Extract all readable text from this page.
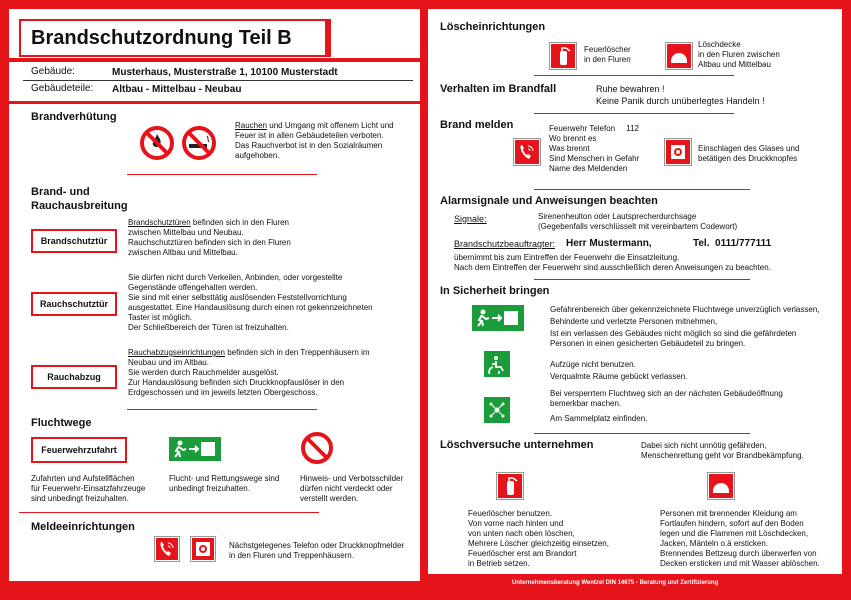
Brandschutzordnung Teil B
Gebäude:	Musterhaus, Musterstraße 1, 10100 Musterstadt
Gebäudeteile: Altbau - Mittelbau - Neubau
Brandverhütung
Rauchen und Umgang mit offenem Licht und
Feuer ist in allen Gebäudeteilen verboten.
Das Rauchverbot ist in den Sozialräumen
aufgehoben.
Brand- und
Rauchausbreitung
Brandschutztür
Brandschutztüren befinden sich in den Fluren
zwischen Mittelbau und Neubau.
Rauchschutztüren befinden sich in den Fluren
zwischen Altbau und Mittelbau.
Rauchschutztür
Sie dürfen nicht durch Verkeilen, Anbinden, oder vorgestellte
Gegenstände offengehalten werden.
Sie sind mit einer selbsttätig auslösenden Feststellvorrichtung
ausgestattet. Eine Handauslösung durch einen rot gekennzeichneten
Taster ist möglich.
Der Schließbereich der Türen ist freizuhalten.
Rauchabzug
Rauchabzugseinrichtungen befinden sich in den Treppenhäusern im
Neubau und im Altbau.
Sie werden durch Rauchmelder ausgelöst.
Zur Handauslösung befinden sich Druckknopfauslöser in den
Erdgeschossen und im jeweils letzten Obergeschoss.
Fluchtwege
Feuerwehrzufahrt
Zufahrten und Aufstellflächen
für Feuerwehr-Einsatzfahrzeuge
sind unbedingt freizuhalten.
Flucht- und Rettungswege sind
unbedingt freizuhalten.
Hinweis- und Verbotsschilder
dürfen nicht verdeckt oder
verstellt werden.
Meldeeinrichtungen
Nächstgelegenes Telefon oder Druckknopfmelder
in den Fluren und Treppenhäusern.
Löscheinrichtungen
Feuerlöscher
in den Fluren
Löschdecke
in den Fluren zwischen
Altbau und Mittelbau
Verhalten im Brandfall	Ruhe bewahren !
Keine Panik durch unüberlegtes Handeln !
Brand melden	Feuerwehr Telefon 112
Wo brennt es
Was brennt
Sind Menschen in Gefahr
Name des Meldenden
Einschlagen des Glases und
betätigen des Druckknopfes
Alarmsignale und Anweisungen beachten
Signale:	Sirenenheulton oder Lautsprecherdurchsage
(Gegebenfalls verschlüsselt mit vereinbartem Codewort)
Brandschutzbeauftragter: Herr Mustermann,	Tel.  0111/777111
übernimmt bis zum Eintreffen der Feuerwehr die Einsatzleitung.
Nach dem Eintreffen der Feuerwehr sind ausschließlich deren Anweisungen zu beachten.
In Sicherheit bringen
Gefahrenbereich über gekennzeichnete Fluchtwege unverzüglich verlassen,
Behinderte und verletzte Personen mitnehmen,
Ist ein verlassen des Gebäudes nicht möglich so sind die gefährdeten
Personen in einen gesicherten Gebäudeteil zu bringen.
Aufzüge nicht benutzen.
Verqualmte Räume gebückt verlassen.
Bei versperrtem Fluchtweg sich an der nächsten Gebäudeöffnung
bemerkbar machen.
Am Sammelplatz einfinden.
Löschversuche unternehmen	Dabei sich nicht unnötig gefährden,
Menschenrettung geht vor Brandbekämpfung.
Feuerlöscher benutzen.
Von vorne nach hinten und
von unten nach oben löschen,
Mehrere Löscher gleichzeitig einsetzen,
Feuerlöscher erst am Brandort
in Betrieb setzen.
Personen mit brennender Kleidung am
Fortlaufen hindern, sofort auf den Boden
legen und die Flammen mit Löschdecken,
Jacken, Mänteln o.ä ersticken.
Brennendes Bettzeug durch überwerfen von
Decken ersticken und mit Wasser ablöschen.
Unternehmensberatung Wentzel DIN 14675 - Beratung und Zertifizierung
